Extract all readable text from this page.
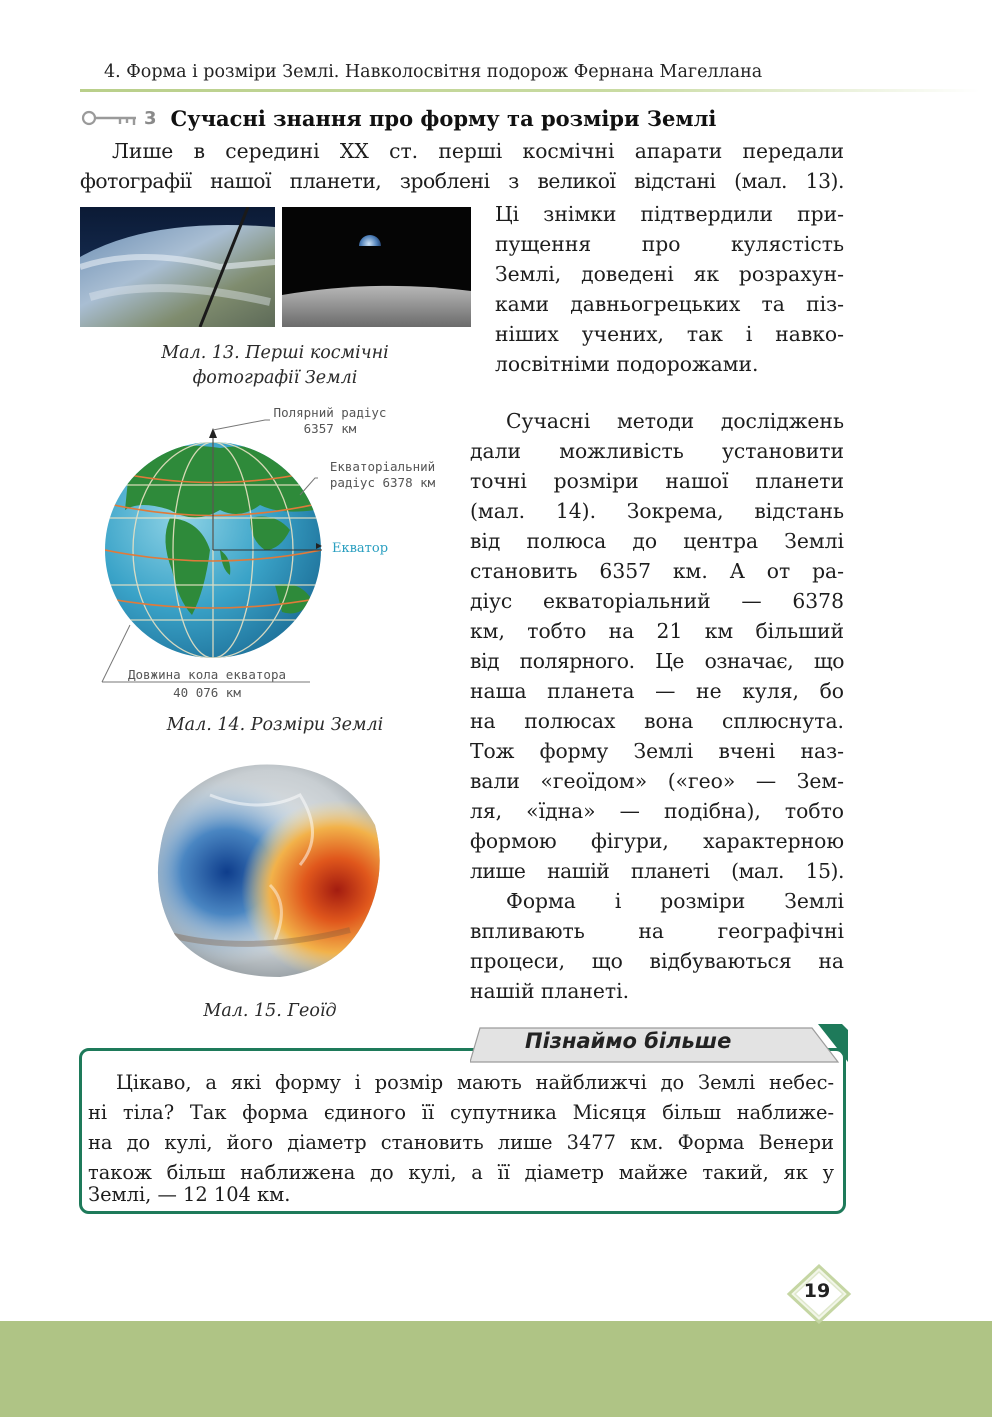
4. Форма і розміри Землі. Навколосвітня подорож Фернана Магеллана
3 Сучасні знання про форму та розміри Землі
Лише в середині XX ст. перші космічні апарати передали
фотографії нашої планети, зроблені з великої відстані (мал. 13).
Мал. 13. Перші космічні
фотографії Землі
Ці знімки підтвердили при-
пущення про кулястість
Землі, доведені як розрахун-
ками давньогрецьких та піз-
ніших учених, так і навко-
лосвітніми подорожами.
Полярний радіус
6357 км
Екваторіальний
радіус 6378 км
Екватор
Довжина кола екватора
40 076 км
Мал. 14. Розміри Землі
Сучасні методи досліджень
дали можливість установити
точні розміри нашої планети
(мал. 14). Зокрема, відстань
від полюса до центра Землі
становить 6357 км. А от ра-
діус екваторіальний — 6378
км, тобто на 21 км більший
від полярного. Це означає, що
наша планета — не куля, бо
на полюсах вона сплюснута.
Тож форму Землі вчені наз-
вали «геоїдом» («гео» — Зем-
ля, «їдна» — подібна), тобто
формою фігури, характерною
лише нашій планеті (мал. 15).
Форма і розміри Землі
впливають на географічні
процеси, що відбуваються на
нашій планеті.
Мал. 15. Геоїд
Пізнаймо більше
Цікаво, а які форму і розмір мають найближчі до Землі небес-
ні тіла? Так форма єдиного її супутника Місяця більш наближе-
на до кулі, його діаметр становить лише 3477 км. Форма Венери
також більш наближена до кулі, а її діаметр майже такий, як у
Землі, — 12 104 км.
19
